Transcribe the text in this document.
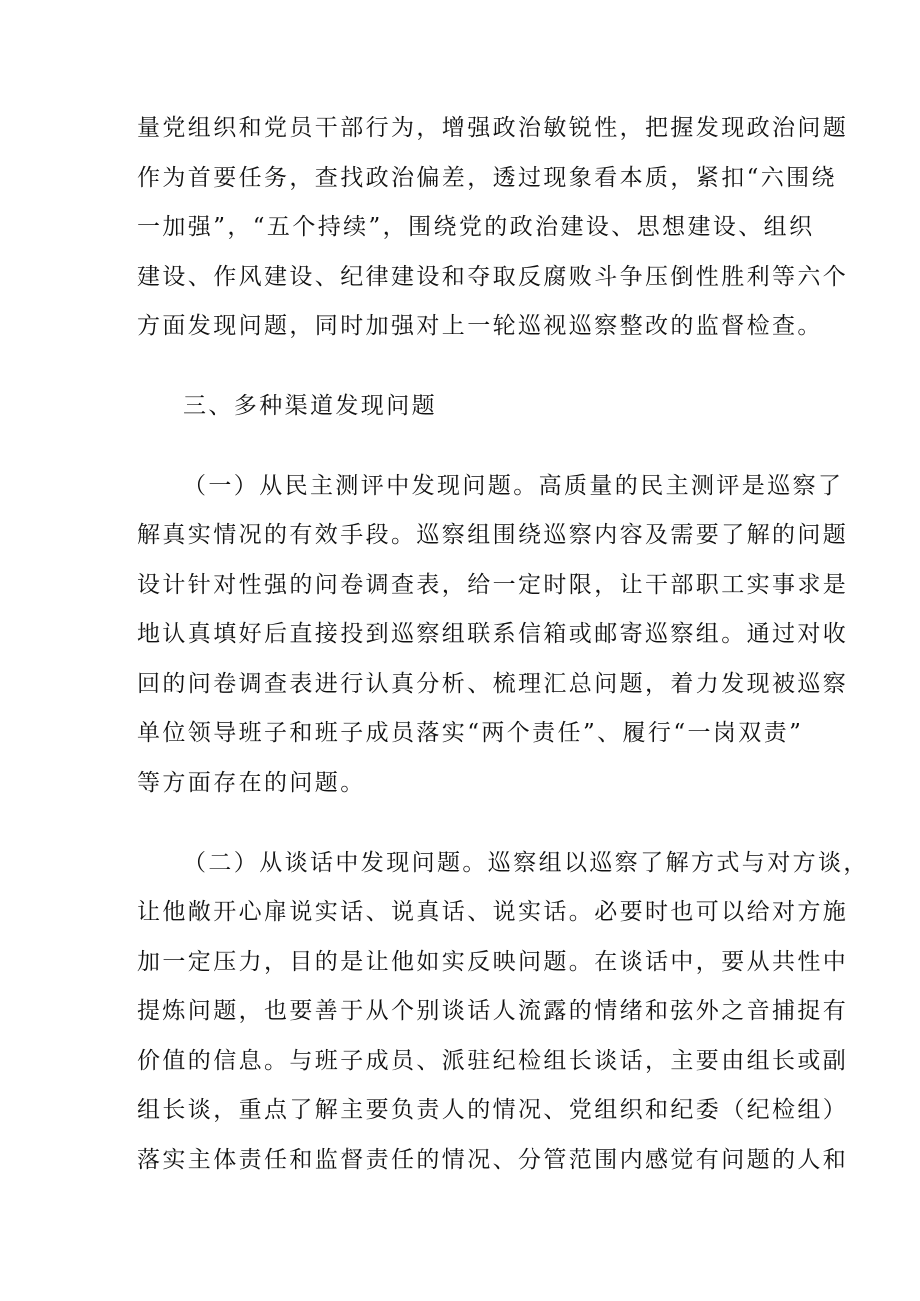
量党组织和党员干部行为，增强政治敏锐性，把握发现政治问题
作为首要任务，查找政治偏差，透过现象看本质，紧扣“六围绕
一加强”，“五个持续”，围绕党的政治建设、思想建设、组织
建设、作风建设、纪律建设和夺取反腐败斗争压倒性胜利等六个
方面发现问题，同时加强对上一轮巡视巡察整改的监督检查。
三、多种渠道发现问题
（一）从民主测评中发现问题。高质量的民主测评是巡察了
解真实情况的有效手段。巡察组围绕巡察内容及需要了解的问题
设计针对性强的问卷调查表，给一定时限，让干部职工实事求是
地认真填好后直接投到巡察组联系信箱或邮寄巡察组。通过对收
回的问卷调查表进行认真分析、梳理汇总问题，着力发现被巡察
单位领导班子和班子成员落实“两个责任”、履行“一岗双责”
等方面存在的问题。
（二）从谈话中发现问题。巡察组以巡察了解方式与对方谈，
让他敞开心扉说实话、说真话、说实话。必要时也可以给对方施
加一定压力，目的是让他如实反映问题。在谈话中，要从共性中
提炼问题，也要善于从个别谈话人流露的情绪和弦外之音捕捉有
价值的信息。与班子成员、派驻纪检组长谈话，主要由组长或副
组长谈，重点了解主要负责人的情况、党组织和纪委（纪检组）
落实主体责任和监督责任的情况、分管范围内感觉有问题的人和
